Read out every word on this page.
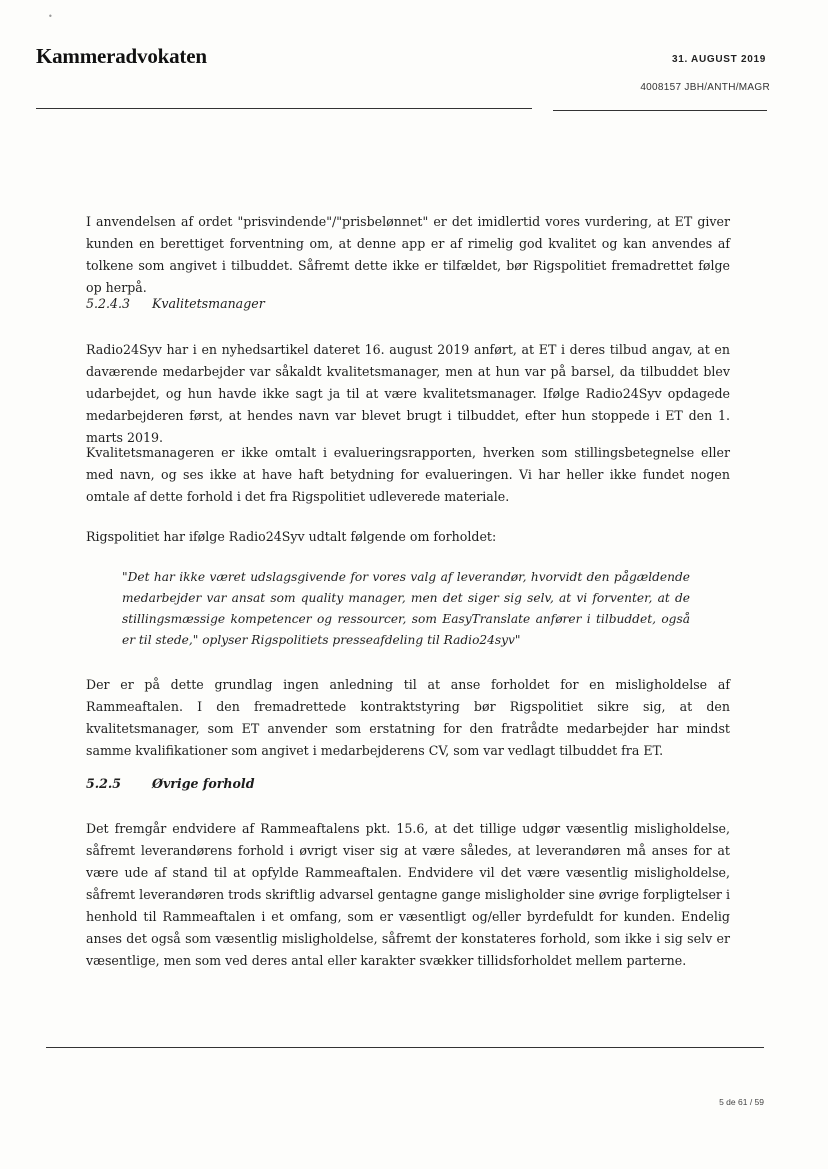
•
Kammeradvokaten	31. AUGUST 2019
4008157 JBH/ANTH/MAGR

I anvendelsen af ordet "prisvindende"/"prisbelønnet" er det imidlertid vores vurdering, at ET giver kunden en berettiget forventning om, at denne app er af rimelig god kvalitet og kan anvendes af tolkene som angivet i tilbuddet. Såfremt dette ikke er tilfældet, bør Rigspolitiet fremadrettet følge op herpå.

5.2.4.3 Kvalitetsmanager

Radio24Syv har i en nyhedsartikel dateret 16. august 2019 anført, at ET i deres tilbud angav, at en daværende medarbejder var såkaldt kvalitetsmanager, men at hun var på barsel, da tilbuddet blev udarbejdet, og hun havde ikke sagt ja til at være kvalitetsmanager. Ifølge Radio24Syv opdagede medarbejderen først, at hendes navn var blevet brugt i tilbuddet, efter hun stoppede i ET den 1. marts 2019.

Kvalitetsmanageren er ikke omtalt i evalueringsrapporten, hverken som stillingsbetegnelse eller med navn, og ses ikke at have haft betydning for evalueringen. Vi har heller ikke fundet nogen omtale af dette forhold i det fra Rigspolitiet udleverede materiale.

Rigspolitiet har ifølge Radio24Syv udtalt følgende om forholdet:

"Det har ikke været udslagsgivende for vores valg af leverandør, hvorvidt den pågældende medarbejder var ansat som quality manager, men det siger sig selv, at vi forventer, at de stillingsmæssige kompetencer og ressourcer, som EasyTranslate anfører i tilbuddet, også er til stede," oplyser Rigspolitiets presseafdeling til Radio24syv"

Der er på dette grundlag ingen anledning til at anse forholdet for en misligholdelse af Rammeaftalen. I den fremadrettede kontraktstyring bør Rigspolitiet sikre sig, at den kvalitetsmanager, som ET anvender som erstatning for den fratrådte medarbejder har mindst samme kvalifikationer som angivet i medarbejderens CV, som var vedlagt tilbuddet fra ET.

5.2.5 Øvrige forhold

Det fremgår endvidere af Rammeaftalens pkt. 15.6, at det tillige udgør væsentlig misligholdelse, såfremt leverandørens forhold i øvrigt viser sig at være således, at leverandøren må anses for at være ude af stand til at opfylde Rammeaftalen. Endvidere vil det være væsentlig misligholdelse, såfremt leverandøren trods skriftlig advarsel gentagne gange misligholder sine øvrige forpligtelser i henhold til Rammeaftalen i et omfang, som er væsentligt og/eller byrdefuldt for kunden. Endelig anses det også som væsentlig misligholdelse, såfremt der konstateres forhold, som ikke i sig selv er væsentlige, men som ved deres antal eller karakter svækker tillidsforholdet mellem parterne.

5 de 61 / 59
